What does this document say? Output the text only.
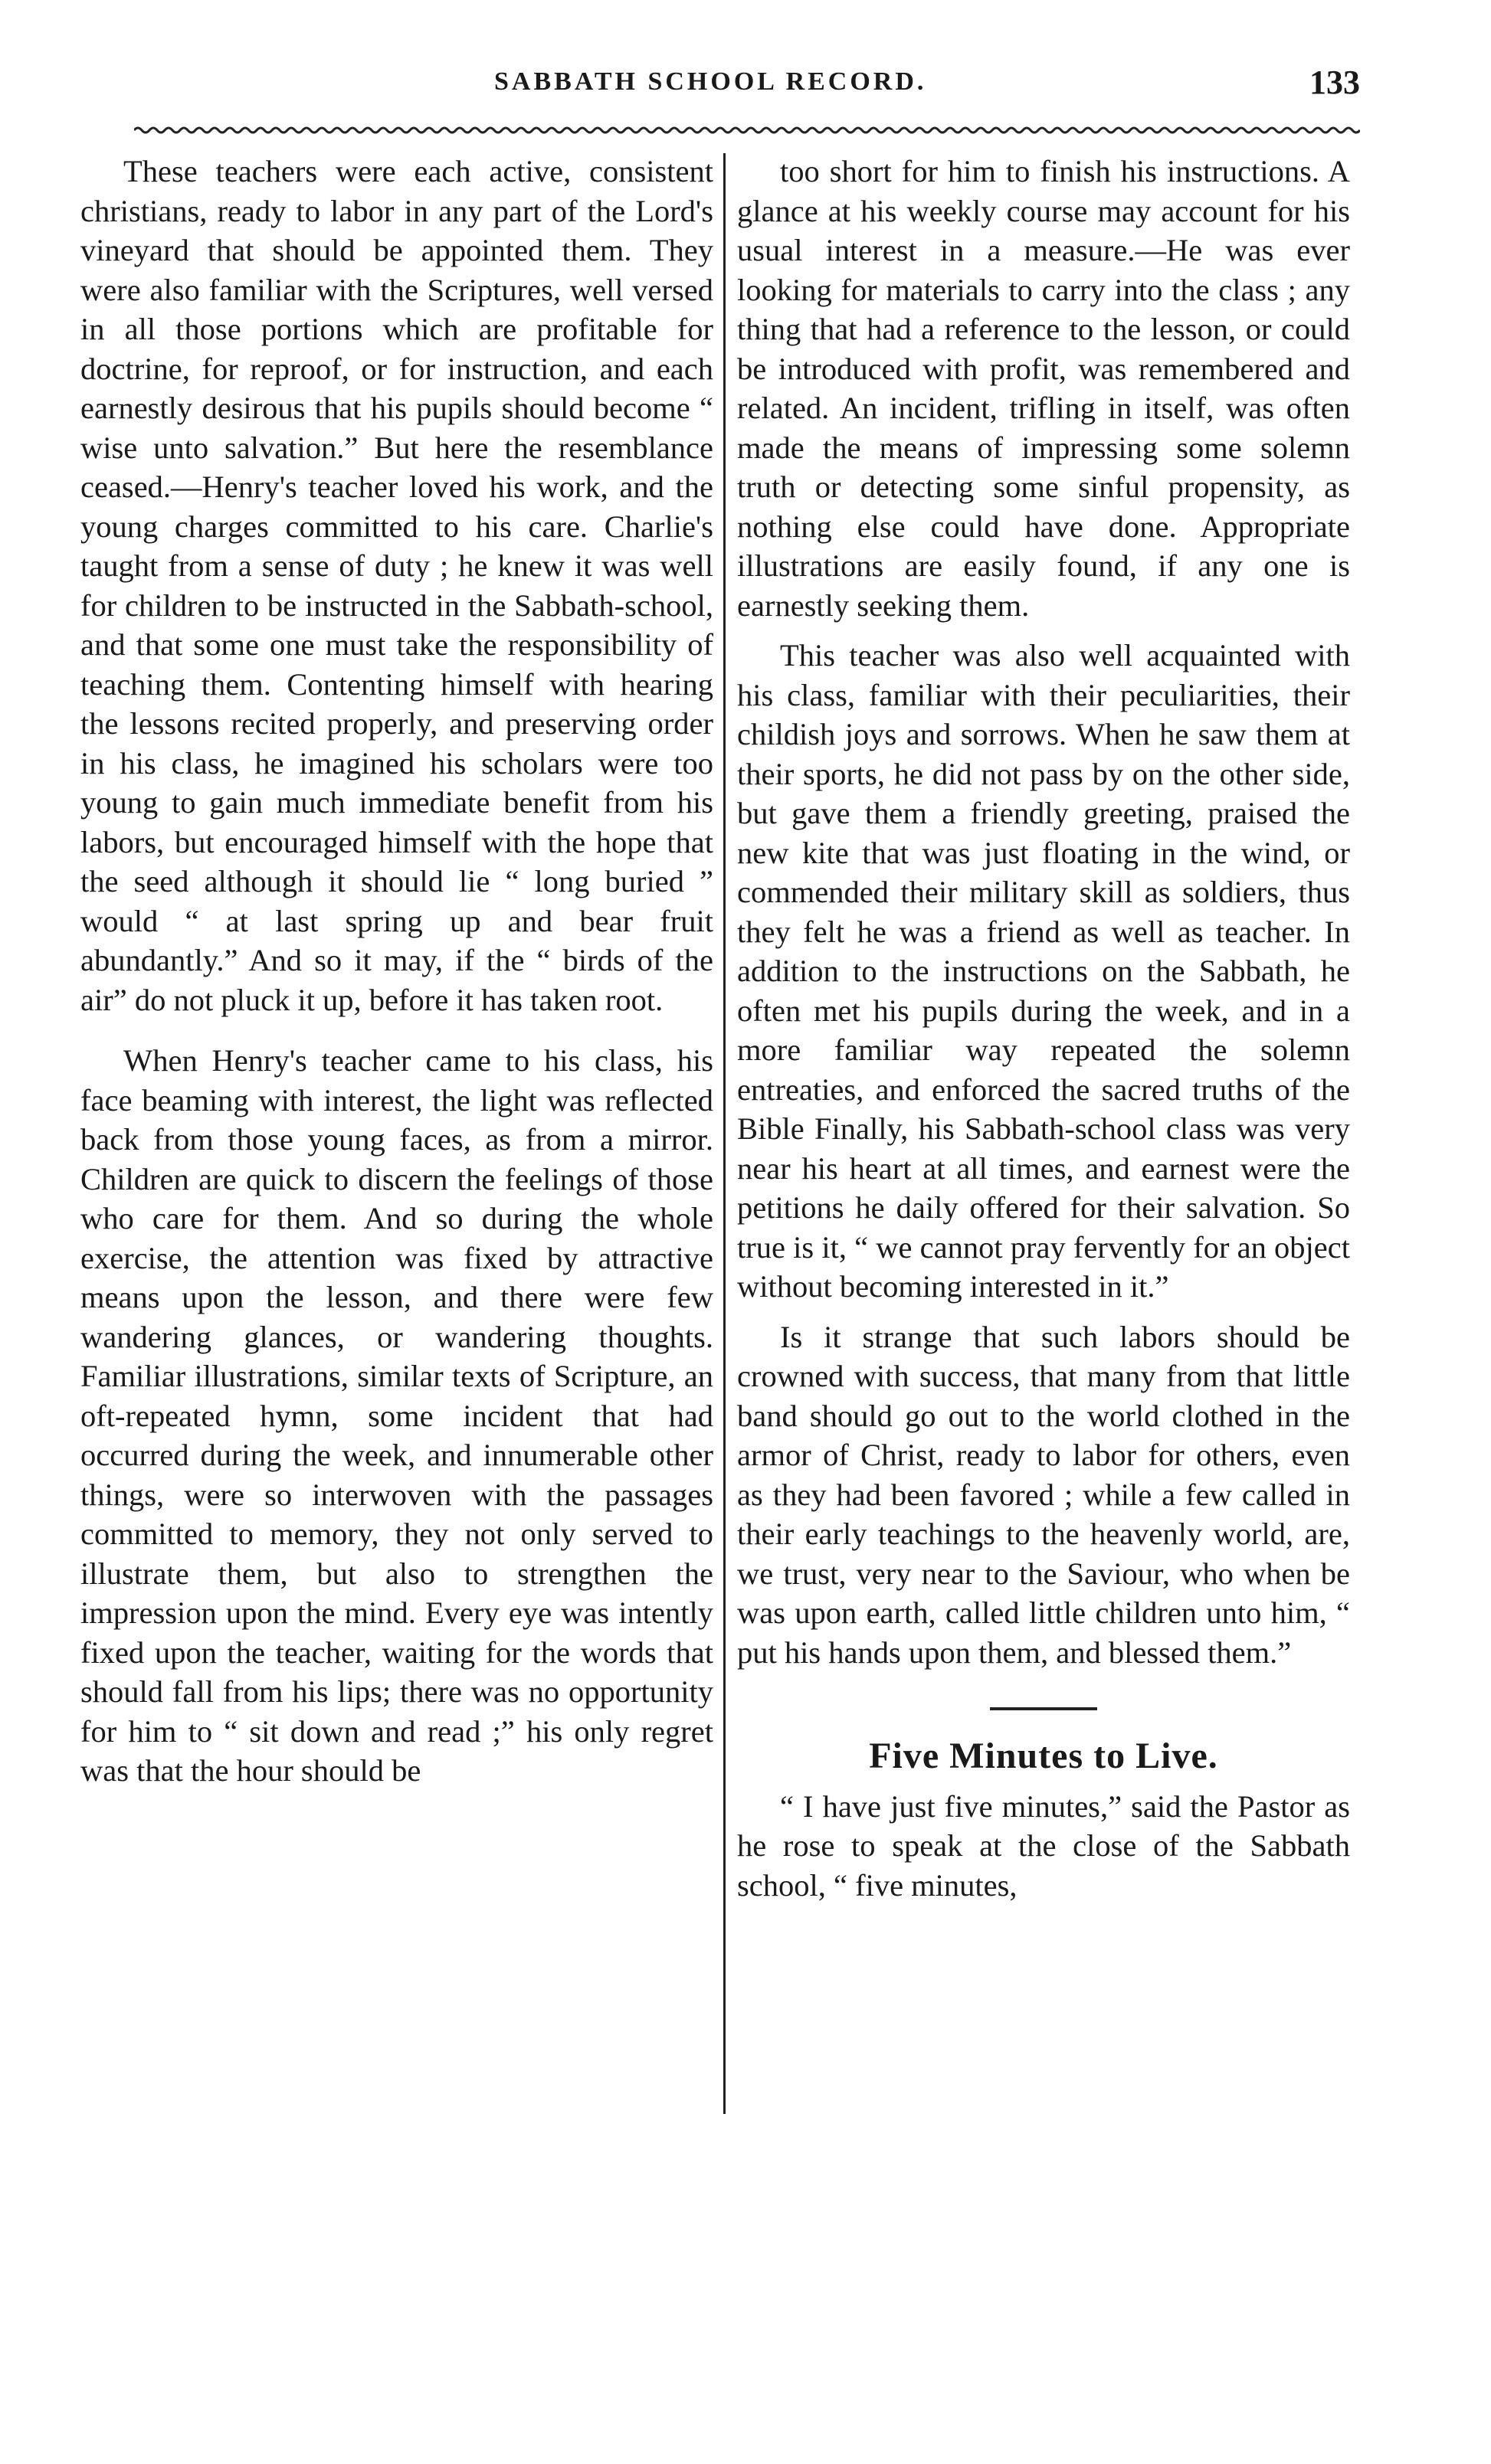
SABBATH SCHOOL RECORD.	133

These teachers were each active, consistent christians, ready to labor in any part of the Lord's vineyard that should be appointed them. They were also familiar with the Scriptures, well versed in all those portions which are profitable for doctrine, for reproof, or for instruction, and each earnestly desirous that his pupils should become “ wise unto salvation.” But here the resemblance ceased.—Henry's teacher loved his work, and the young charges committed to his care. Charlie's taught from a sense of duty ; he knew it was well for children to be instructed in the Sabbath-school, and that some one must take the responsibility of teaching them. Contenting himself with hearing the lessons recited properly, and preserving order in his class, he imagined his scholars were too young to gain much immediate benefit from his labors, but encouraged himself with the hope that the seed although it should lie “ long buried ” would “ at last spring up and bear fruit abundantly.” And so it may, if the “ birds of the air” do not pluck it up, before it has taken root.

When Henry's teacher came to his class, his face beaming with interest, the light was reflected back from those young faces, as from a mirror. Children are quick to discern the feelings of those who care for them. And so during the whole exercise, the attention was fixed by attractive means upon the lesson, and there were few wandering glances, or wandering thoughts. Familiar illustrations, similar texts of Scripture, an oft-repeated hymn, some incident that had occurred during the week, and innumerable other things, were so interwoven with the passages committed to memory, they not only served to illustrate them, but also to strengthen the impression upon the mind. Every eye was intently fixed upon the teacher, waiting for the words that should fall from his lips; there was no opportunity for him to “ sit down and read ;” his only regret was that the hour should be

too short for him to finish his instructions. A glance at his weekly course may account for his usual interest in a measure.—He was ever looking for materials to carry into the class ; any thing that had a reference to the lesson, or could be introduced with profit, was remembered and related. An incident, trifling in itself, was often made the means of impressing some solemn truth or detecting some sinful propensity, as nothing else could have done. Appropriate illustrations are easily found, if any one is earnestly seeking them.

This teacher was also well acquainted with his class, familiar with their peculiarities, their childish joys and sorrows. When he saw them at their sports, he did not pass by on the other side, but gave them a friendly greeting, praised the new kite that was just floating in the wind, or commended their military skill as soldiers, thus they felt he was a friend as well as teacher. In addition to the instructions on the Sabbath, he often met his pupils during the week, and in a more familiar way repeated the solemn entreaties, and enforced the sacred truths of the Bible Finally, his Sabbath-school class was very near his heart at all times, and earnest were the petitions he daily offered for their salvation. So true is it, “ we cannot pray fervently for an object without becoming interested in it.”

Is it strange that such labors should be crowned with success, that many from that little band should go out to the world clothed in the armor of Christ, ready to labor for others, even as they had been favored ; while a few called in their early teachings to the heavenly world, are, we trust, very near to the Saviour, who when be was upon earth, called little children unto him, “ put his hands upon them, and blessed them.”

Five Minutes to Live.

“ I have just five minutes,” said the Pastor as he rose to speak at the close of the Sabbath school, “ five minutes,
